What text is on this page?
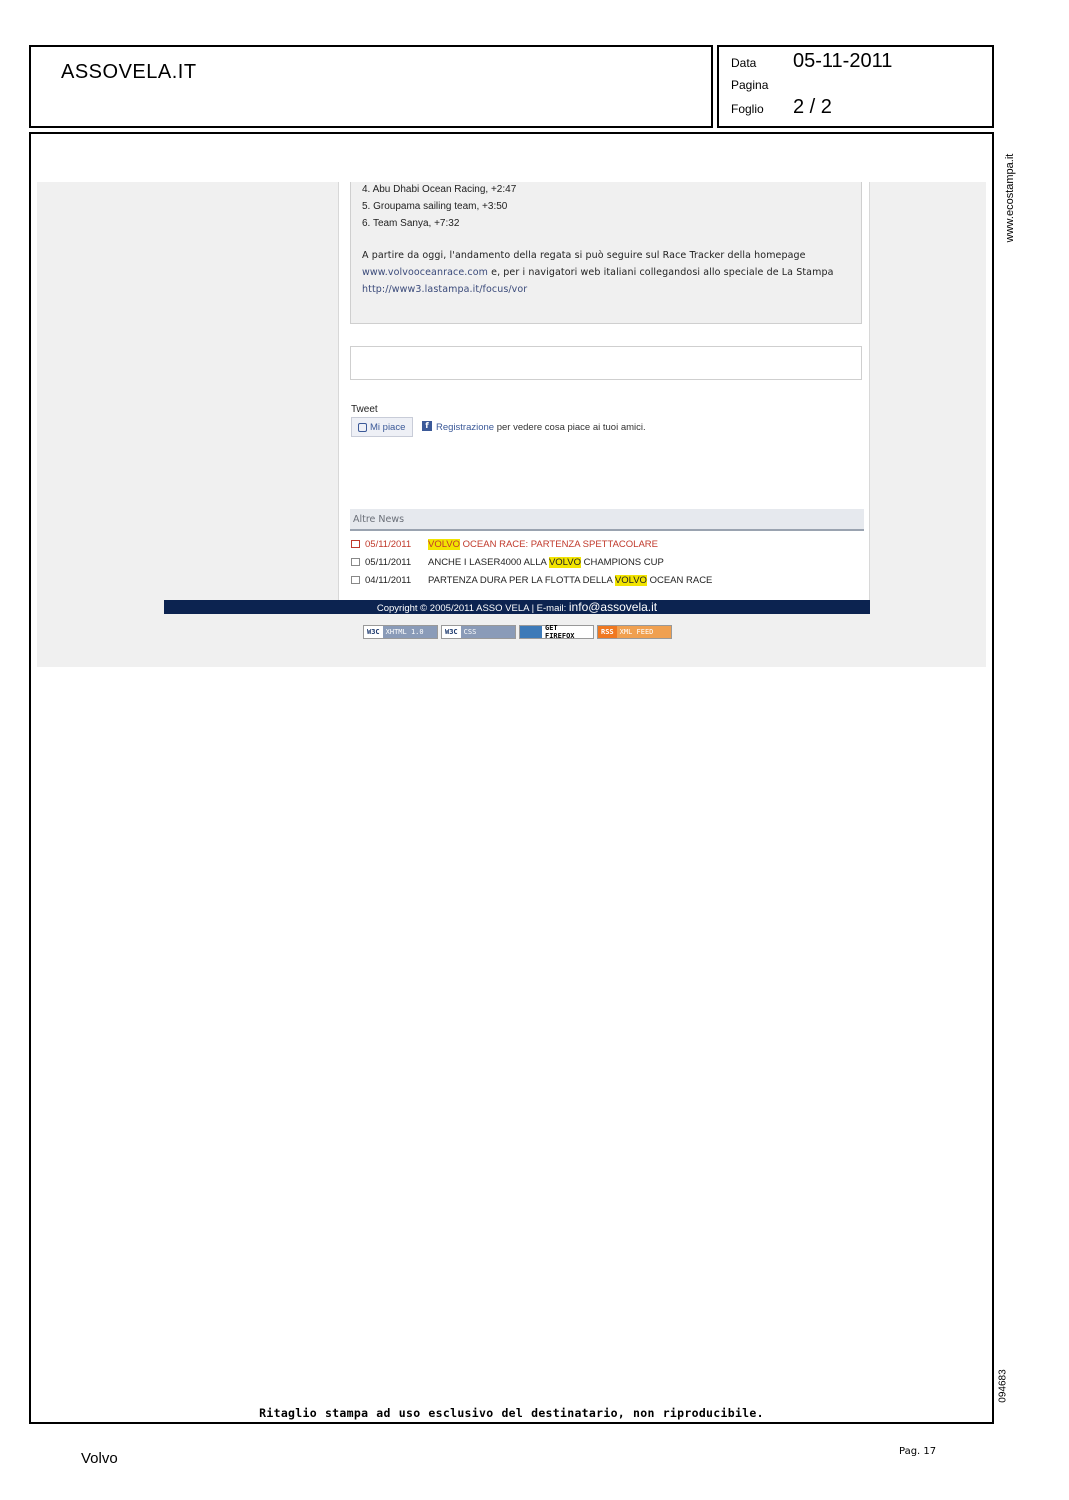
ASSOVELA.IT	Data 05-11-2011
Pagina
Foglio 2 / 2
4. Abu Dhabi Ocean Racing, +2:47
5. Groupama sailing team, +3:50
6. Team Sanya, +7:32
A partire da oggi, l'andamento della regata si può seguire sul Race Tracker della homepage www.volvooceanrace.com e, per i navigatori web italiani collegandosi allo speciale de La Stampa http://www3.lastampa.it/focus/vor
Tweet
Mi piace	f Registrazione per vedere cosa piace ai tuoi amici.
Altre News
05/11/2011	VOLVO OCEAN RACE: PARTENZA SPETTACOLARE
05/11/2011	ANCHE I LASER4000 ALLA VOLVO CHAMPIONS CUP
04/11/2011	PARTENZA DURA PER LA FLOTTA DELLA VOLVO OCEAN RACE
Copyright © 2005/2011 ASSO VELA | E-mail: info@assovela.it
W3C XHTML 1.0	W3C CSS	GET FIREFOX	RSS XML FEED
Ritaglio stampa ad uso esclusivo del destinatario, non riproducibile.
www.ecostampa.it
094683
Volvo	Pag. 17
